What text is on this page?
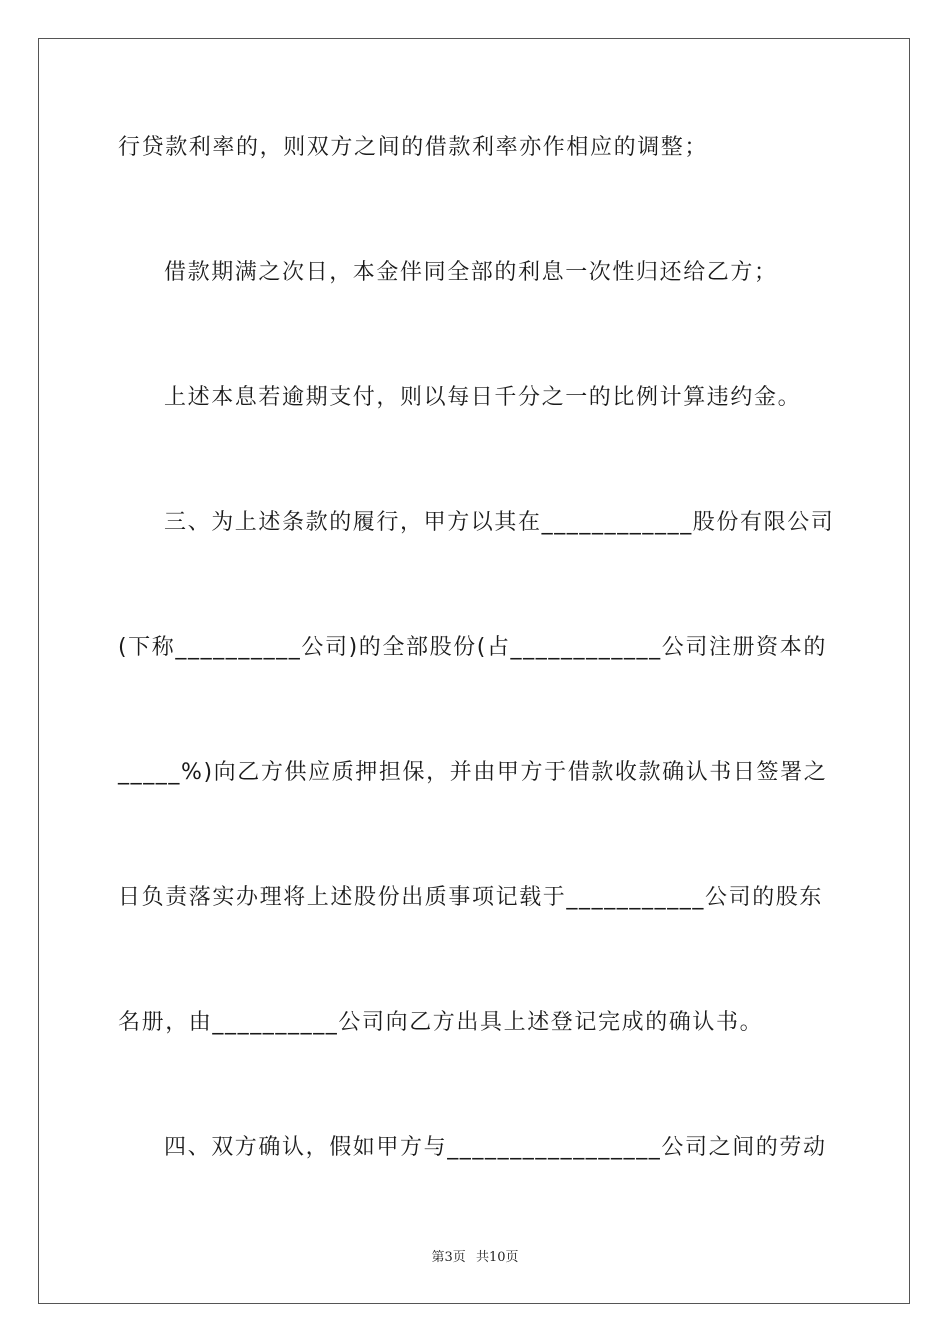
行贷款利率的，则双方之间的借款利率亦作相应的调整；
借款期满之次日，本金伴同全部的利息一次性归还给乙方；
上述本息若逾期支付，则以每日千分之一的比例计算违约金。
三、为上述条款的履行，甲方以其在____________股份有限公司
(下称__________公司)的全部股份(占____________公司注册资本的
_____%)向乙方供应质押担保，并由甲方于借款收款确认书日签署之
日负责落实办理将上述股份出质事项记载于___________公司的股东
名册，由__________公司向乙方出具上述登记完成的确认书。
四、双方确认，假如甲方与_________________公司之间的劳动
第3页 共10页
